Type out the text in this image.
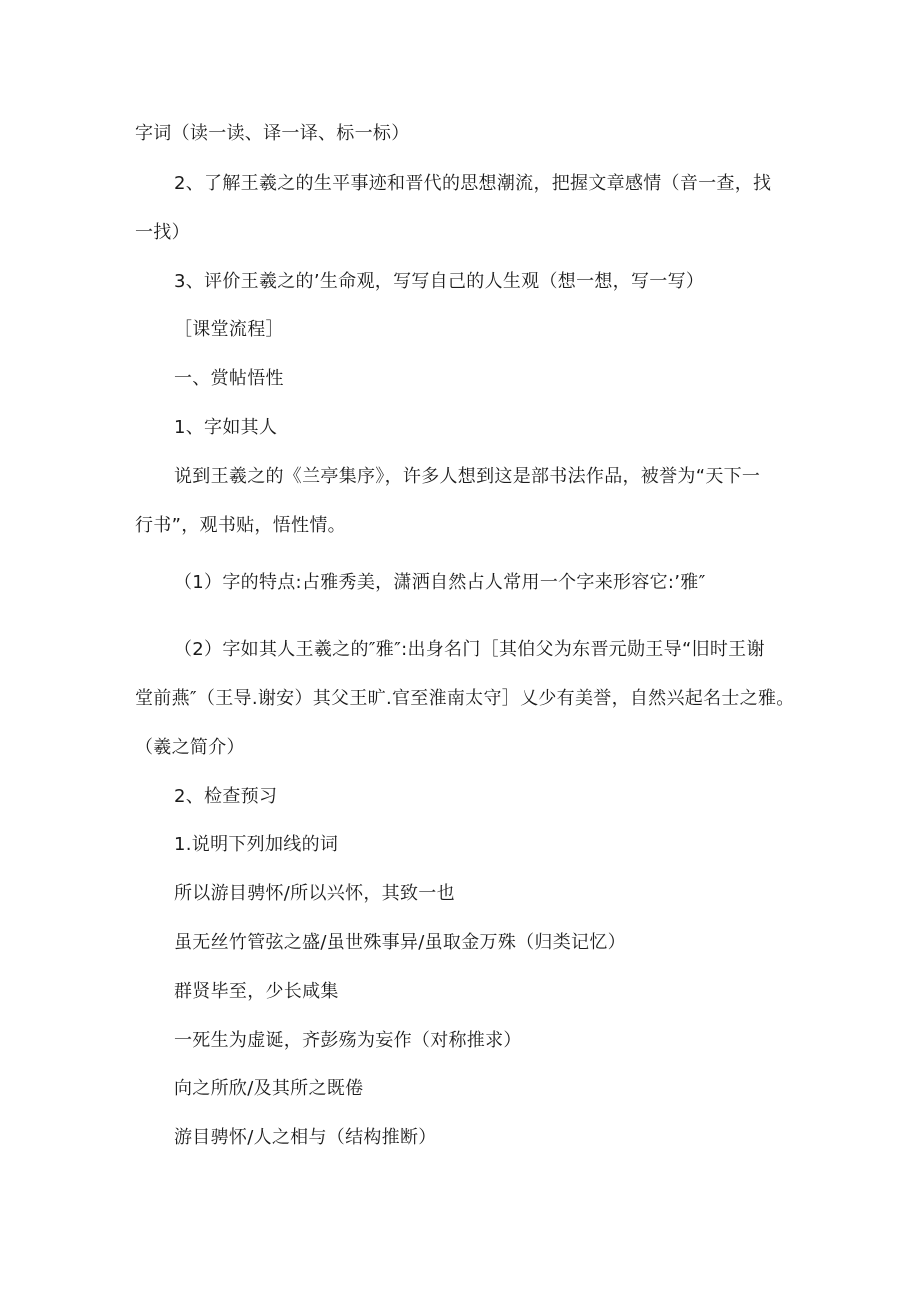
字词（读一读、译一译、标一标）
2、了解王羲之的生平事迹和晋代的思想潮流，把握文章感情（音一查，找
一找）
3、评价王羲之的’生命观，写写自己的人生观（想一想，写一写）
［课堂流程］
一、赏帖悟性
1、字如其人
说到王羲之的《兰亭集序》，许多人想到这是部书法作品，被誉为“天下一
行书”，观书贴，悟性情。
（1）字的特点:占雅秀美，潇洒自然占人常用一个字来形容它:’雅″
（2）字如其人王羲之的″雅″:出身名门［其伯父为东晋元勋王导“旧时王谢
堂前燕″（王导.谢安）其父王旷.官至淮南太守］乂少有美誉，自然兴起名士之雅。
（羲之简介）
2、检查预习
1.说明下列加线的词
所以游目骋怀/所以兴怀，其致一也
虽无丝竹管弦之盛/虽世殊事异/虽取金万殊（归类记忆）
群贤毕至，少长咸集
一死生为虚诞，齐彭殇为妄作（对称推求）
向之所欣/及其所之既倦
游目骋怀/人之相与（结构推断）
